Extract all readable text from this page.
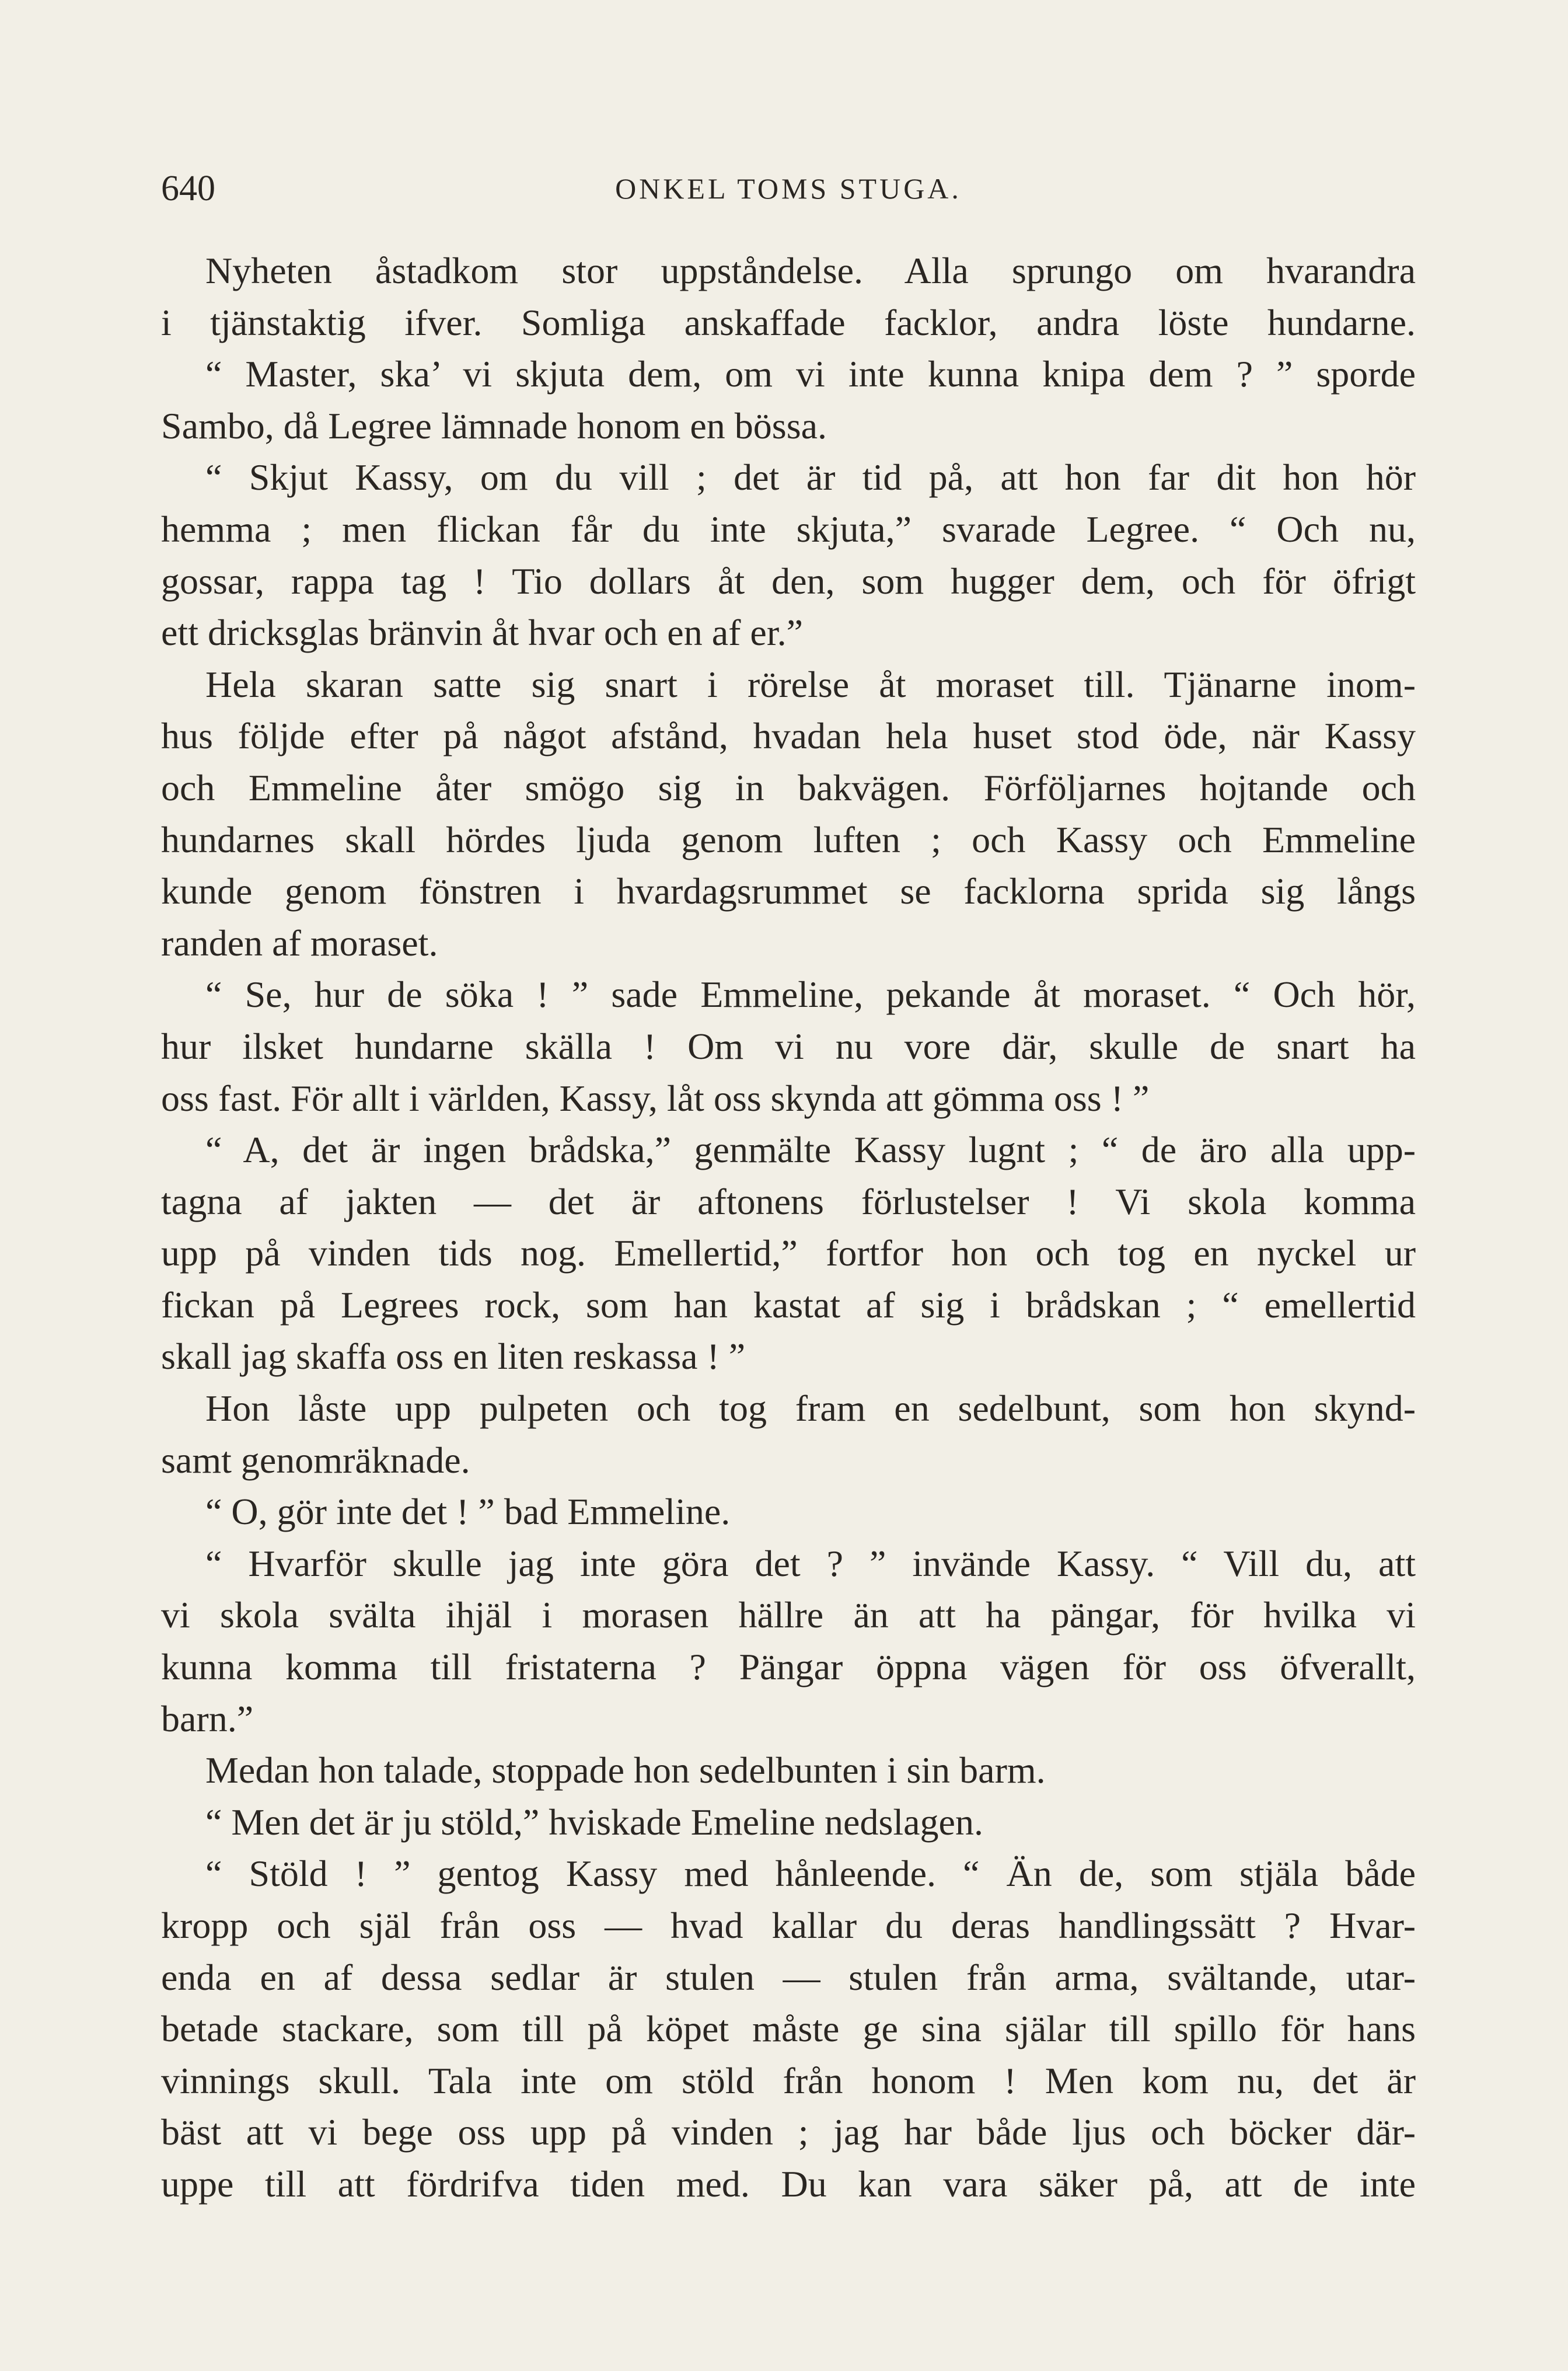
640	ONKEL TOMS STUGA.
Nyheten åstadkom stor uppståndelse. Alla sprungo om hvarandra
i tjänstaktig ifver. Somliga anskaffade facklor, andra löste hundarne.
“ Master, ska’ vi skjuta dem, om vi inte kunna knipa dem ? ” sporde
Sambo, då Legree lämnade honom en bössa.
“ Skjut Kassy, om du vill ; det är tid på, att hon far dit hon hör
hemma ; men flickan får du inte skjuta,” svarade Legree. “ Och nu,
gossar, rappa tag ! Tio dollars åt den, som hugger dem, och för öfrigt
ett dricksglas bränvin åt hvar och en af er.”
Hela skaran satte sig snart i rörelse åt moraset till. Tjänarne inom-
hus följde efter på något afstånd, hvadan hela huset stod öde, när Kassy
och Emmeline åter smögo sig in bakvägen. Förföljarnes hojtande och
hundarnes skall hördes ljuda genom luften ; och Kassy och Emmeline
kunde genom fönstren i hvardagsrummet se facklorna sprida sig långs
randen af moraset.
“ Se, hur de söka ! ” sade Emmeline, pekande åt moraset. “ Och hör,
hur ilsket hundarne skälla ! Om vi nu vore där, skulle de snart ha
oss fast. För allt i världen, Kassy, låt oss skynda att gömma oss ! ”
“ A, det är ingen brådska,” genmälte Kassy lugnt ; “ de äro alla upp-
tagna af jakten — det är aftonens förlustelser ! Vi skola komma
upp på vinden tids nog. Emellertid,” fortfor hon och tog en nyckel ur
fickan på Legrees rock, som han kastat af sig i brådskan ; “ emellertid
skall jag skaffa oss en liten reskassa ! ”
Hon låste upp pulpeten och tog fram en sedelbunt, som hon skynd-
samt genomräknade.
“ O, gör inte det ! ” bad Emmeline.
“ Hvarför skulle jag inte göra det ? ” invände Kassy. “ Vill du, att
vi skola svälta ihjäl i morasen hällre än att ha pängar, för hvilka vi
kunna komma till fristaterna ? Pängar öppna vägen för oss öfverallt,
barn.”
Medan hon talade, stoppade hon sedelbunten i sin barm.
“ Men det är ju stöld,” hviskade Emeline nedslagen.
“ Stöld ! ” gentog Kassy med hånleende. “ Än de, som stjäla både
kropp och själ från oss — hvad kallar du deras handlingssätt ? Hvar-
enda en af dessa sedlar är stulen — stulen från arma, svältande, utar-
betade stackare, som till på köpet måste ge sina själar till spillo för hans
vinnings skull. Tala inte om stöld från honom ! Men kom nu, det är
bäst att vi bege oss upp på vinden ; jag har både ljus och böcker där-
uppe till att fördrifva tiden med. Du kan vara säker på, att de inte
